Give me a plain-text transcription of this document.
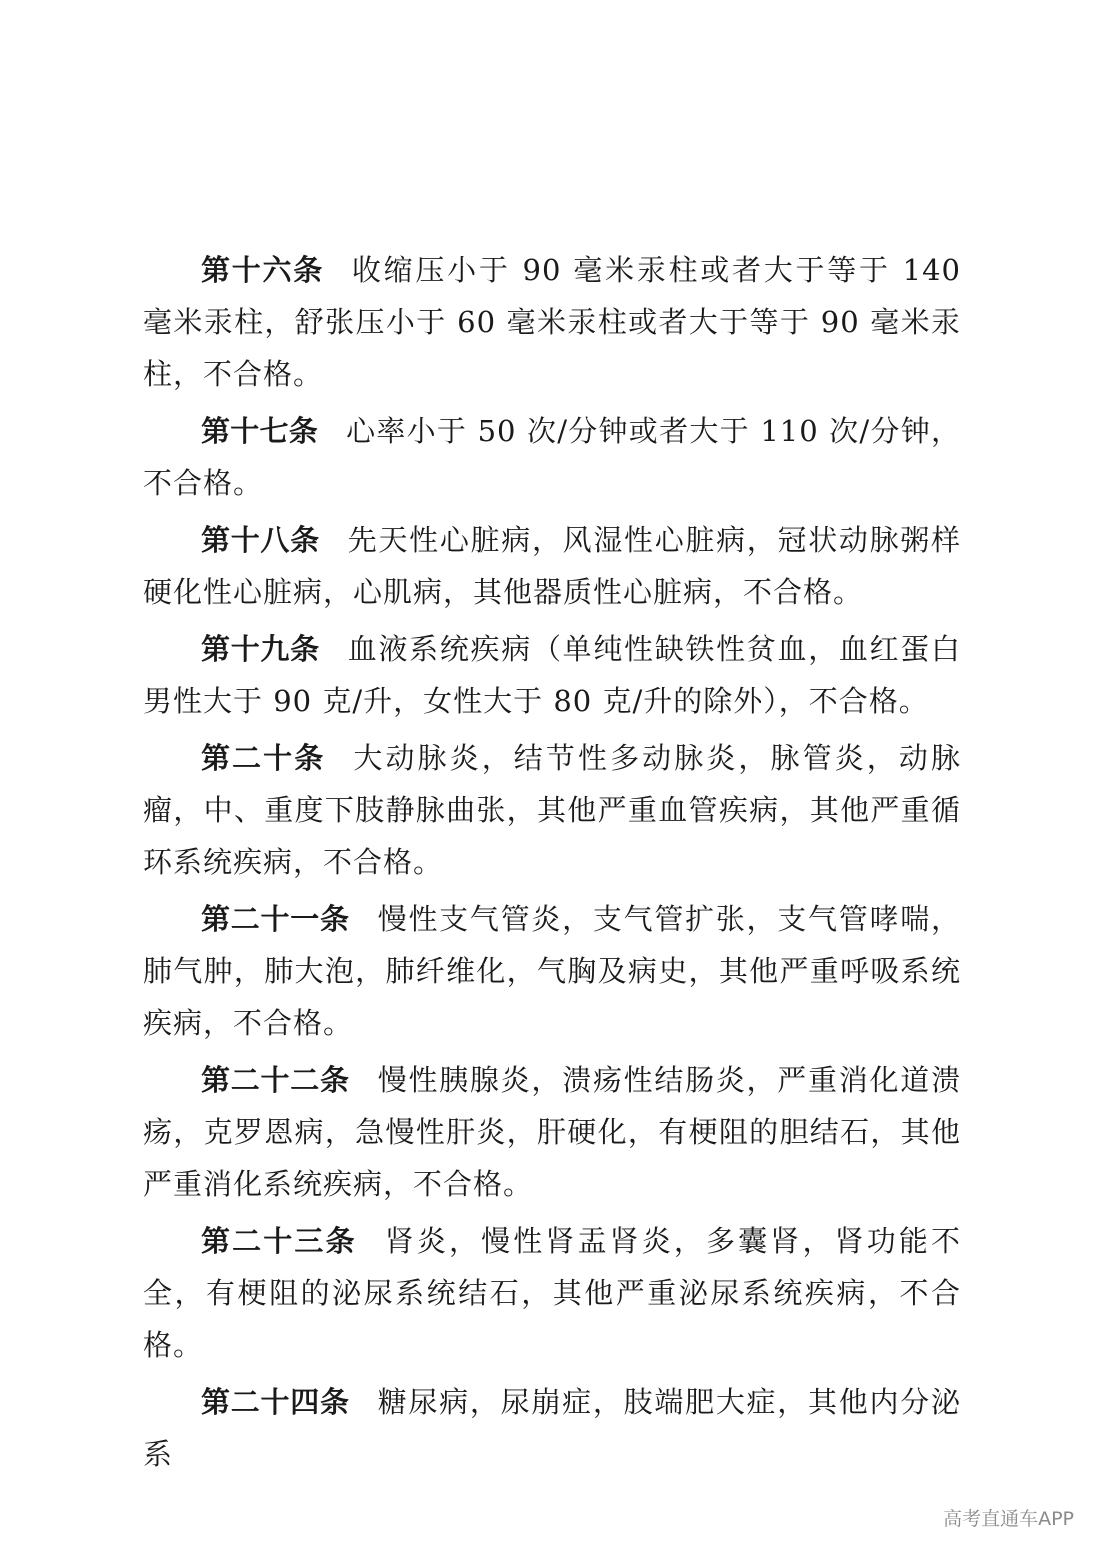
第十六条 收缩压小于 90 毫米汞柱或者大于等于 140 毫米汞柱，舒张压小于 60 毫米汞柱或者大于等于 90 毫米汞柱，不合格。

第十七条 心率小于 50 次/分钟或者大于 110 次/分钟，不合格。

第十八条 先天性心脏病，风湿性心脏病，冠状动脉粥样硬化性心脏病，心肌病，其他器质性心脏病，不合格。

第十九条 血液系统疾病（单纯性缺铁性贫血，血红蛋白男性大于 90 克/升，女性大于 80 克/升的除外），不合格。

第二十条 大动脉炎，结节性多动脉炎，脉管炎，动脉瘤，中、重度下肢静脉曲张，其他严重血管疾病，其他严重循环系统疾病，不合格。

第二十一条 慢性支气管炎，支气管扩张，支气管哮喘，肺气肿，肺大泡，肺纤维化，气胸及病史，其他严重呼吸系统疾病，不合格。

第二十二条 慢性胰腺炎，溃疡性结肠炎，严重消化道溃疡，克罗恩病，急慢性肝炎，肝硬化，有梗阻的胆结石，其他严重消化系统疾病，不合格。

第二十三条 肾炎，慢性肾盂肾炎，多囊肾，肾功能不全，有梗阻的泌尿系统结石，其他严重泌尿系统疾病，不合格。

第二十四条 糖尿病，尿崩症，肢端肥大症，其他内分泌系

高考直通车APP
